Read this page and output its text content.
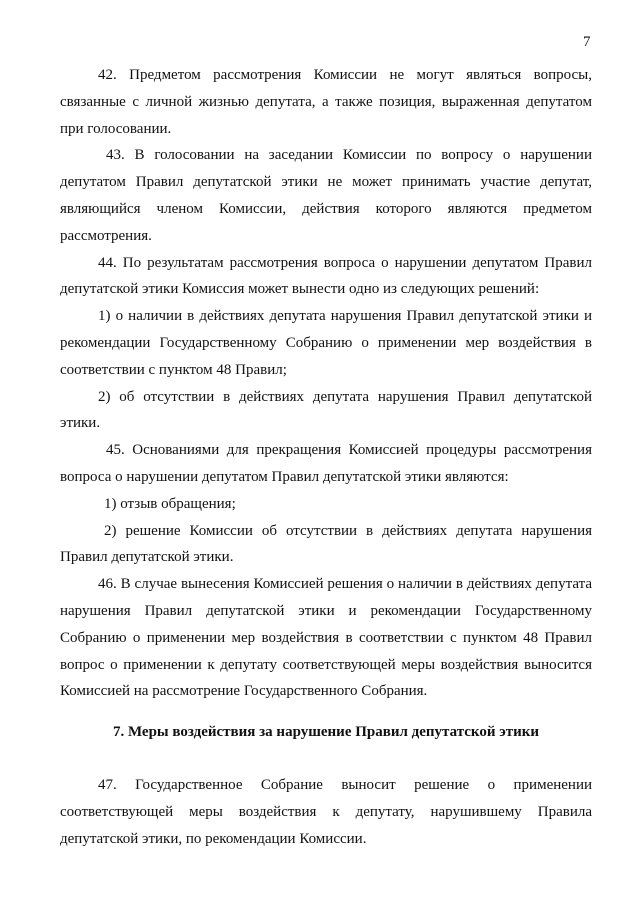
7

42. Предметом рассмотрения Комиссии не могут являться вопросы, связанные с личной жизнью депутата, а также позиция, выраженная депутатом при голосовании.

43. В голосовании на заседании Комиссии по вопросу о нарушении депутатом Правил депутатской этики не может принимать участие депутат, являющийся членом Комиссии, действия которого являются предметом рассмотрения.

44. По результатам рассмотрения вопроса о нарушении депутатом Правил депутатской этики Комиссия может вынести одно из следующих решений:

1) о наличии в действиях депутата нарушения Правил депутатской этики и рекомендации Государственному Собранию о применении мер воздействия в соответствии с пунктом 48 Правил;

2) об отсутствии в действиях депутата нарушения Правил депутатской этики.

45. Основаниями для прекращения Комиссией процедуры рассмотрения вопроса о нарушении депутатом Правил депутатской этики являются:

1) отзыв обращения;

2) решение Комиссии об отсутствии в действиях депутата нарушения Правил депутатской этики.

46. В случае вынесения Комиссией решения о наличии в действиях депутата нарушения Правил депутатской этики и рекомендации Государственному Собранию о применении мер воздействия в соответствии с пунктом 48 Правил вопрос о применении к депутату соответствующей меры воздействия выносится Комиссией на рассмотрение Государственного Собрания.

7. Меры воздействия за нарушение Правил депутатской этики

47. Государственное Собрание выносит решение о применении соответствующей меры воздействия к депутату, нарушившему Правила депутатской этики, по рекомендации Комиссии.
